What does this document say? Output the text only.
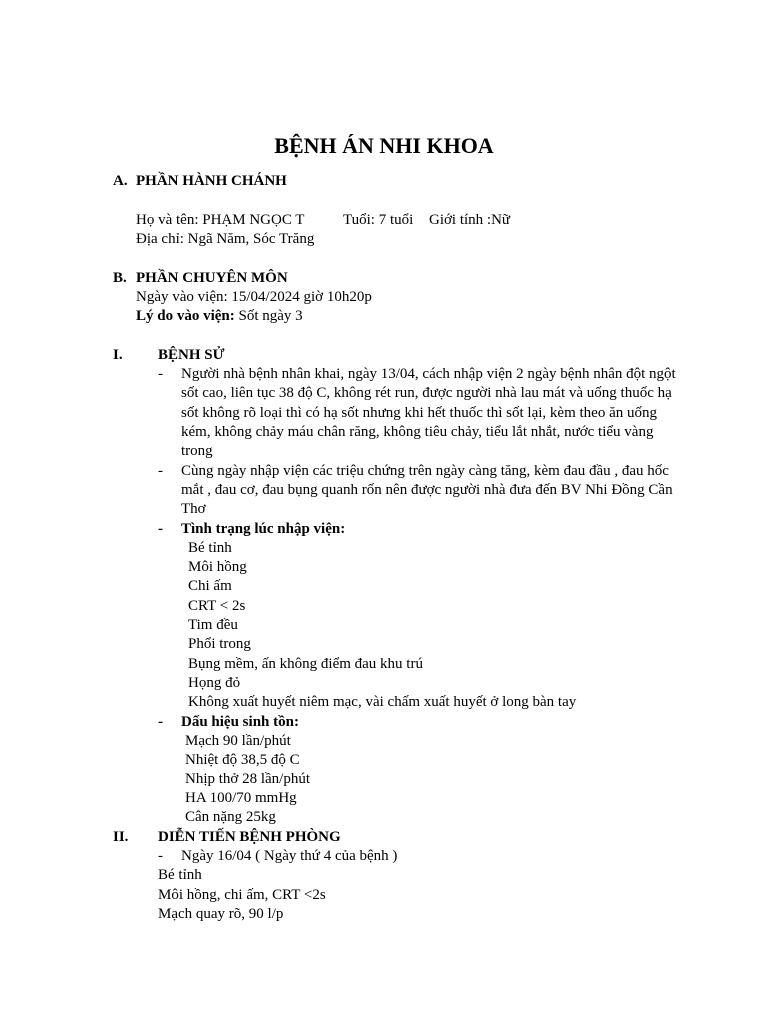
BỆNH ÁN NHI KHOA
A. PHẦN HÀNH CHÁNH
Họ và tên: PHẠM NGỌC T	Tuổi: 7 tuổi Giới tính :Nữ
Địa chỉ: Ngã Năm, Sóc Trăng
B. PHẦN CHUYÊN MÔN
Ngày vào viện: 15/04/2024 giờ 10h20p
Lý do vào viện: Sốt ngày 3
I. BỆNH SỬ
- Người nhà bệnh nhân khai, ngày 13/04, cách nhập viện 2 ngày bệnh nhân đột ngột
sốt cao, liên tục 38 độ C, không rét run, được người nhà lau mát và uống thuốc hạ
sốt không rõ loại thì có hạ sốt nhưng khi hết thuốc thì sốt lại, kèm theo ăn uống
kém, không chảy máu chân răng, không tiêu chảy, tiểu lắt nhắt, nước tiểu vàng
trong
- Cùng ngày nhập viện các triệu chứng trên ngày càng tăng, kèm đau đầu , đau hốc
mắt , đau cơ, đau bụng quanh rốn nên được người nhà đưa đến BV Nhi Đồng Cần
Thơ
- Tình trạng lúc nhập viện:
Bé tỉnh
Môi hồng
Chi ấm
CRT < 2s
Tim đều
Phổi trong
Bụng mềm, ấn không điểm đau khu trú
Họng đỏ
Không xuất huyết niêm mạc, vài chấm xuất huyết ở long bàn tay
- Dấu hiệu sinh tồn:
Mạch 90 lần/phút
Nhiệt độ 38,5 độ C
Nhịp thở 28 lần/phút
HA 100/70 mmHg
Cân nặng 25kg
II. DIỄN TIẾN BỆNH PHÒNG
- Ngày 16/04 ( Ngày thứ 4 của bệnh )
Bé tỉnh
Môi hồng, chi ấm, CRT <2s
Mạch quay rõ, 90 l/p
